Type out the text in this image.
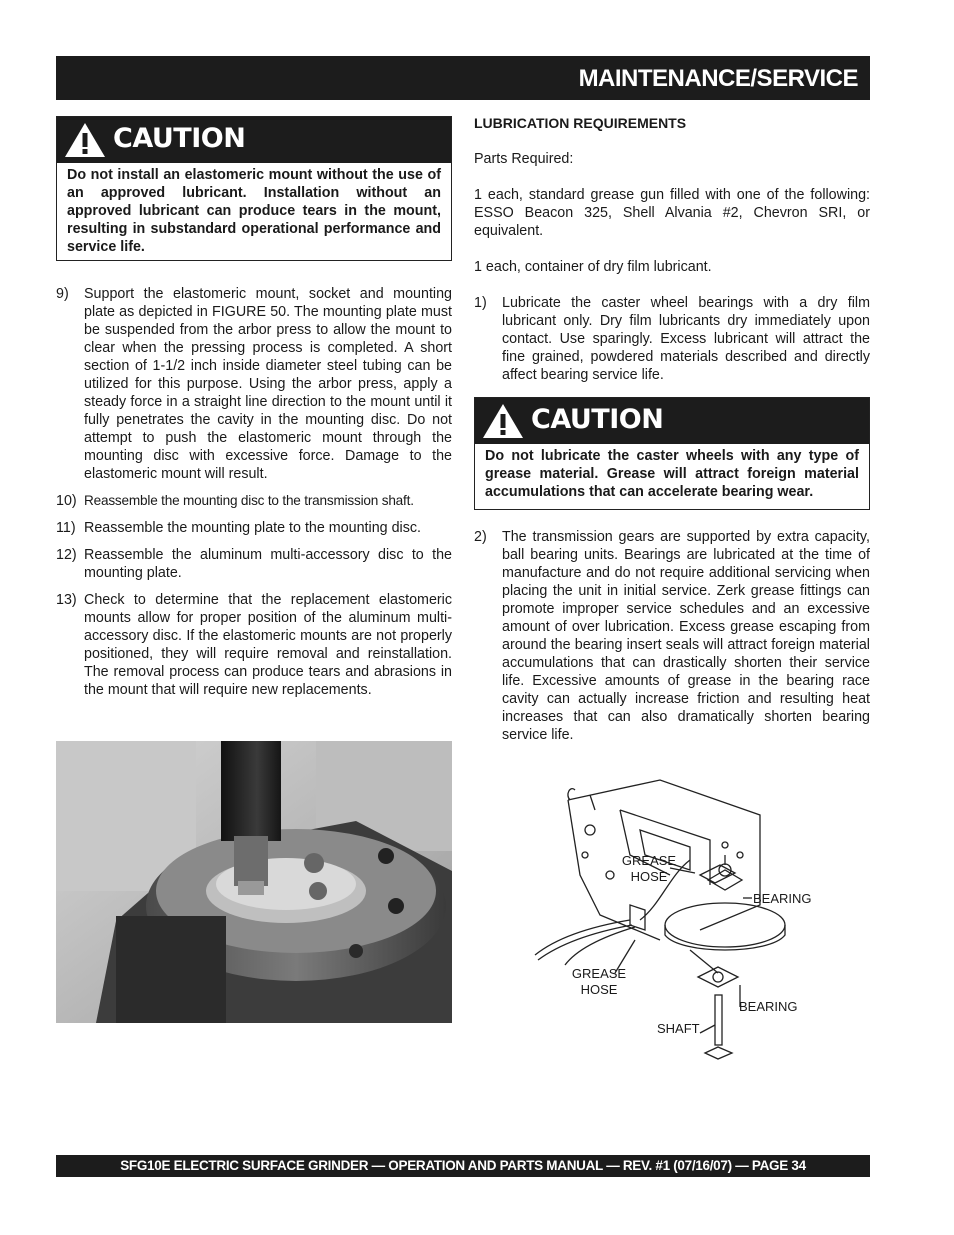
MAINTENANCE/SERVICE
CAUTION
Do not install an elastomeric mount without the use of an approved lubricant. Installation without an approved lubricant can produce tears in the mount, resulting in substandard operational performance and service life.
9)	Support the elastomeric mount, socket and mounting plate as depicted in FIGURE 50. The mounting plate must be suspended from the arbor press to allow the mount to clear when the pressing process is completed. A short section of 1-1/2 inch inside diameter steel tubing can be utilized for this purpose. Using the arbor press, apply a steady force in a straight line direction to the mount until it fully penetrates the cavity in the mounting disc. Do not attempt to push the elastomeric mount through the mounting disc with excessive force. Damage to the elastomeric mount will result.
10) Reassemble the mounting disc to the transmission shaft.
11) Reassemble the mounting plate to the mounting disc.
12) Reassemble the aluminum multi-accessory disc to the mounting plate.
13) Check to determine that the replacement elastomeric mounts allow for proper position of the aluminum multi-accessory disc. If the elastomeric mounts are not properly positioned, they will require removal and reinstallation. The removal process can produce tears and abrasions in the mount that will require new replacements.
LUBRICATION REQUIREMENTS
Parts Required:
1 each, standard grease gun filled with one of the following: ESSO Beacon 325, Shell Alvania #2, Chevron SRI, or equivalent.
1 each, container of dry film lubricant.
1)	Lubricate the caster wheel bearings with a dry film lubricant only. Dry film lubricants dry immediately upon contact. Use sparingly. Excess lubricant will attract the fine grained, powdered materials described and directly affect bearing service life.
CAUTION
Do not lubricate the caster wheels with any type of grease material. Grease will attract foreign material accumulations that can accelerate bearing wear.
2)	The transmission gears are supported by extra capacity, ball bearing units. Bearings are lubricated at the time of manufacture and do not require additional servicing when placing the unit in initial service. Zerk grease fittings can promote improper service schedules and an excessive amount of over lubrication. Excess grease escaping from around the bearing insert seals will attract foreign material accumulations that can drastically shorten their service life. Excessive amounts of grease in the bearing race cavity can actually increase friction and resulting heat increases that can also dramatically shorten bearing service life.
GREASE HOSE
BEARING
GREASE HOSE
BEARING
SHAFT
SFG10E ELECTRIC SURFACE GRINDER — OPERATION AND PARTS MANUAL — REV. #1 (07/16/07) — PAGE 34
